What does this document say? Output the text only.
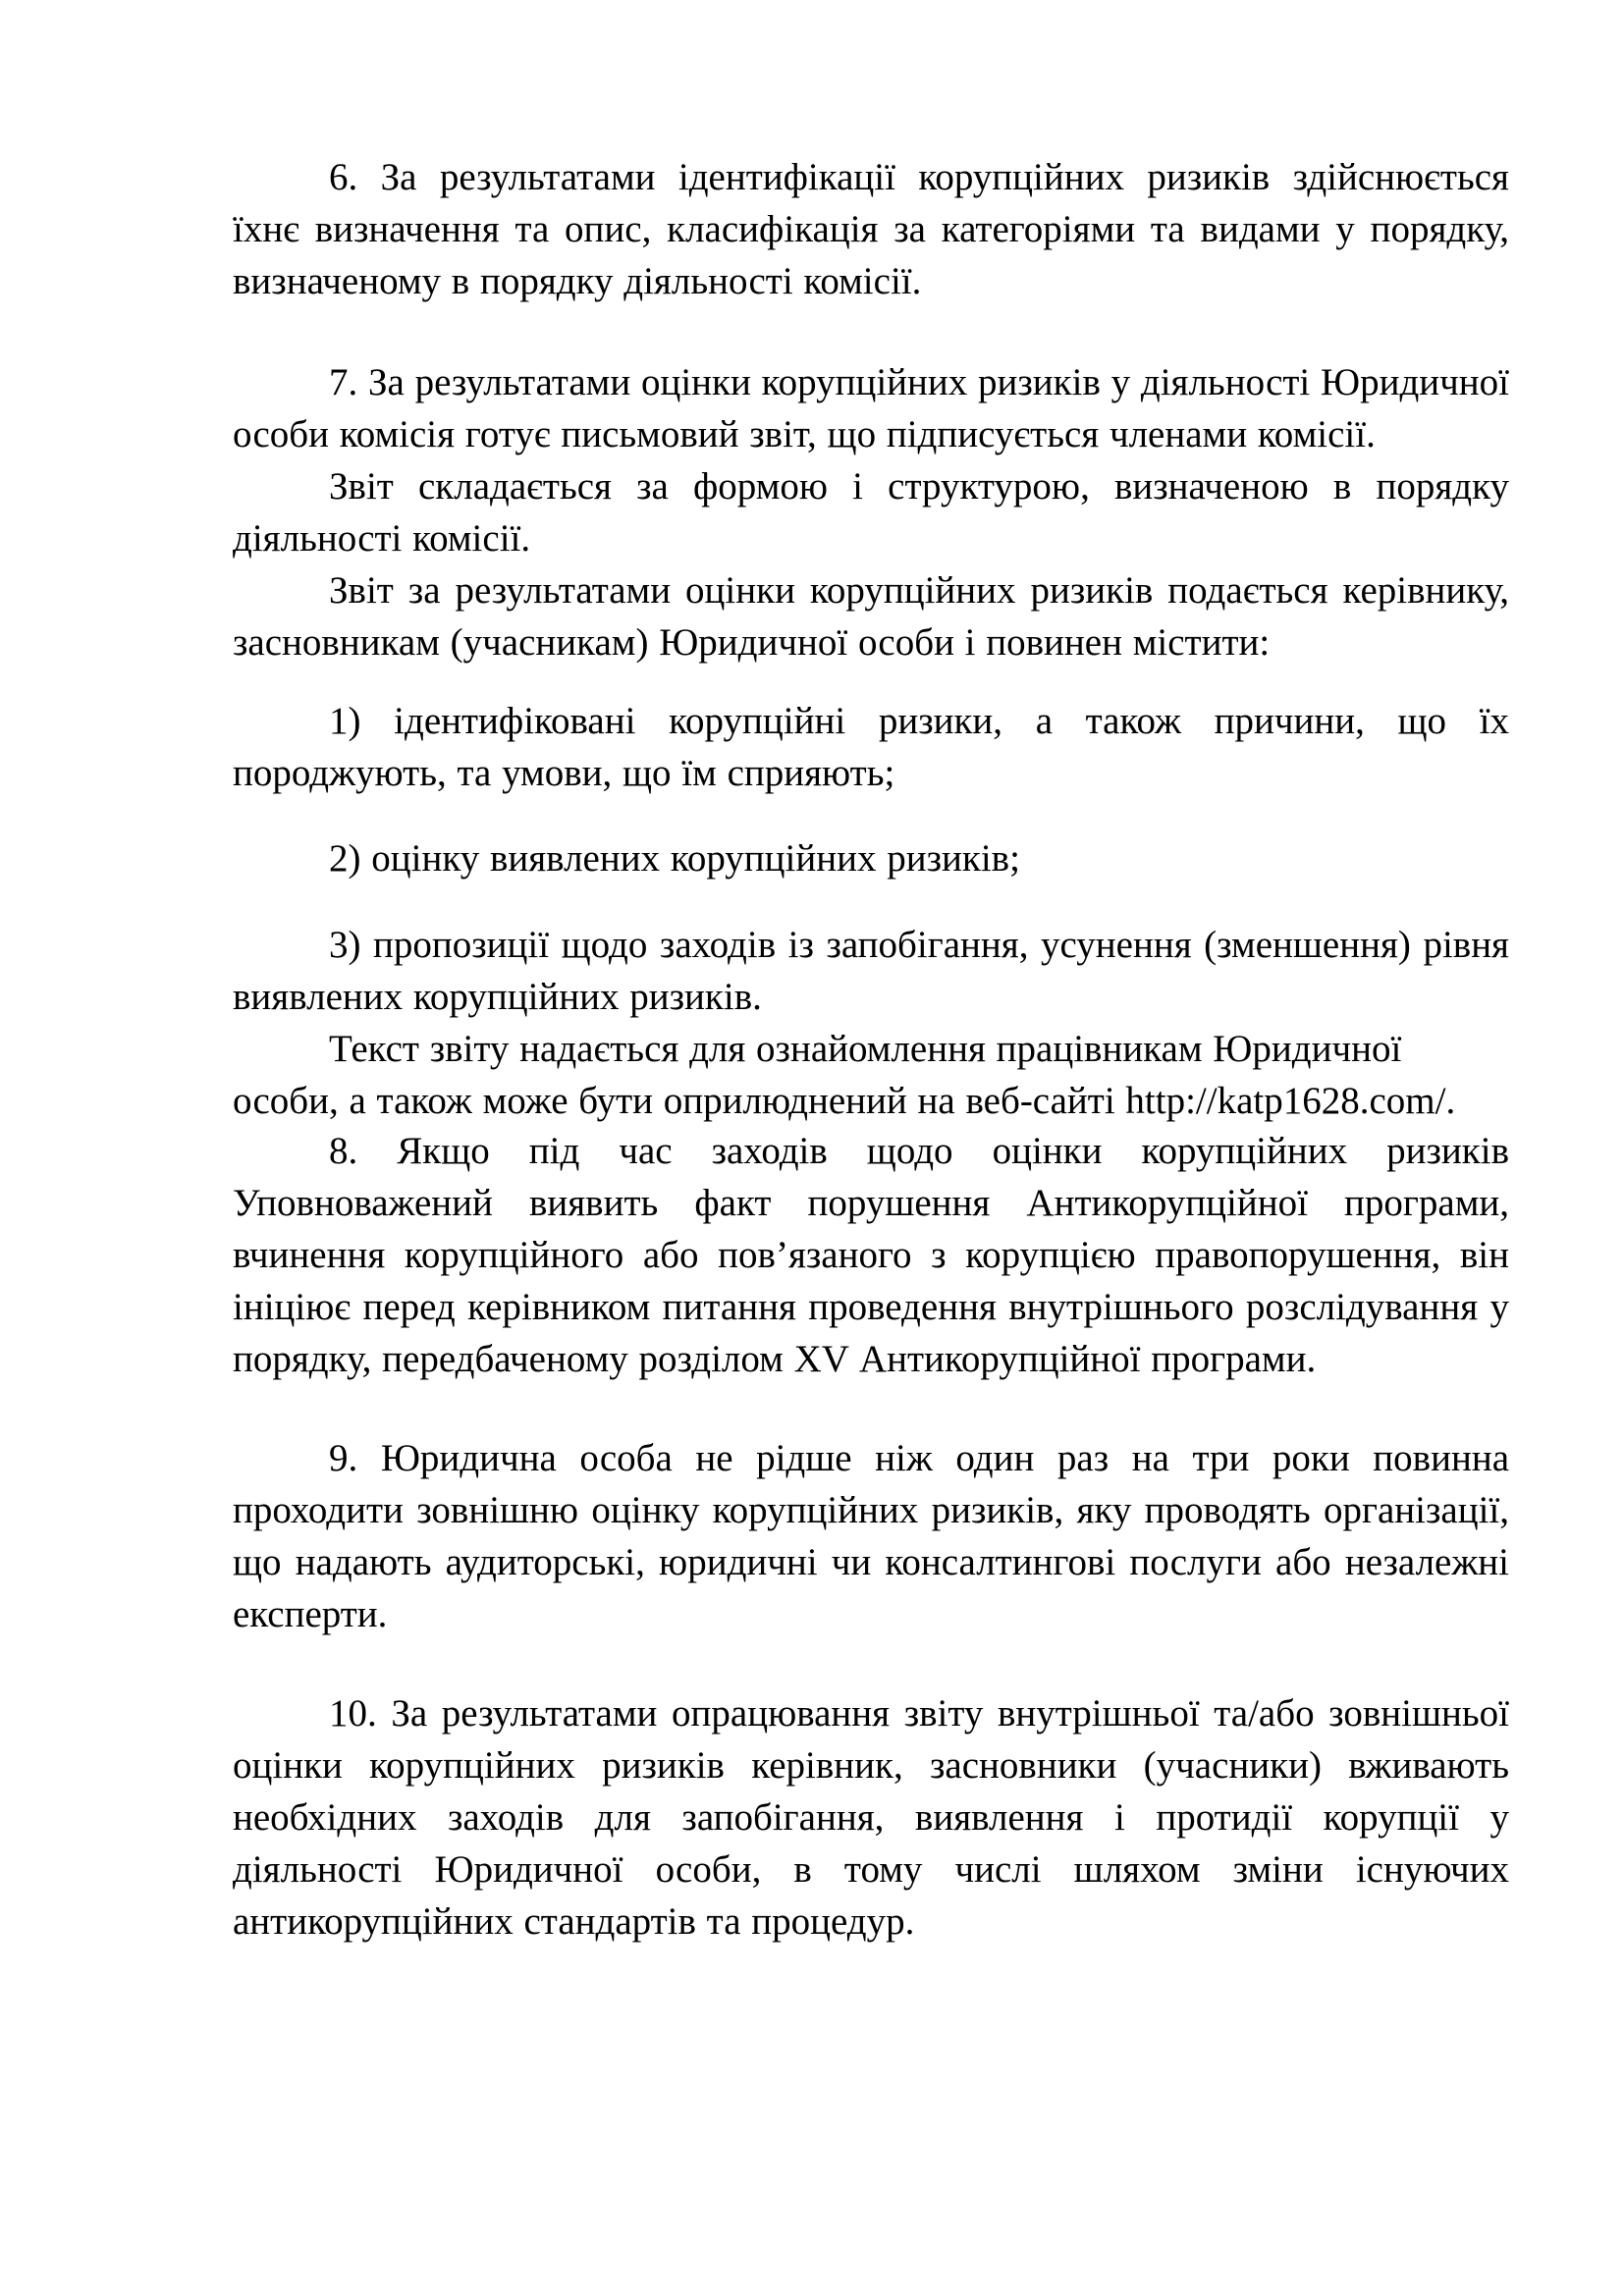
6. За результатами ідентифікації корупційних ризиків здійснюється їхнє визначення та опис, класифікація за категоріями та видами у порядку, визначеному в порядку діяльності комісії.

7. За результатами оцінки корупційних ризиків у діяльності Юридичної особи комісія готує письмовий звіт, що підписується членами комісії.

Звіт складається за формою і структурою, визначеною в порядку діяльності комісії.

Звіт за результатами оцінки корупційних ризиків подається керівнику, засновникам (учасникам) Юридичної особи і повинен містити:

1) ідентифіковані корупційні ризики, а також причини, що їх породжують, та умови, що їм сприяють;

2) оцінку виявлених корупційних ризиків;

3) пропозиції щодо заходів із запобігання, усунення (зменшення) рівня виявлених корупційних ризиків.

Текст звіту надається для ознайомлення працівникам Юридичної
особи, а також може бути оприлюднений на веб-сайті http://katp1628.com/.

8. Якщо під час заходів щодо оцінки корупційних ризиків Уповноважений виявить факт порушення Антикорупційної програми, вчинення корупційного або пов’язаного з корупцією правопорушення, він ініціює перед керівником питання проведення внутрішнього розслідування у порядку, передбаченому розділом XV Антикорупційної програми.

9. Юридична особа не рідше ніж один раз на три роки повинна проходити зовнішню оцінку корупційних ризиків, яку проводять організації, що надають аудиторські, юридичні чи консалтингові послуги або незалежні експерти.

10. За результатами опрацювання звіту внутрішньої та/або зовнішньої оцінки корупційних ризиків керівник, засновники (учасники) вживають необхідних заходів для запобігання, виявлення і протидії корупції у діяльності Юридичної особи, в тому числі шляхом зміни існуючих антикорупційних стандартів та процедур.
